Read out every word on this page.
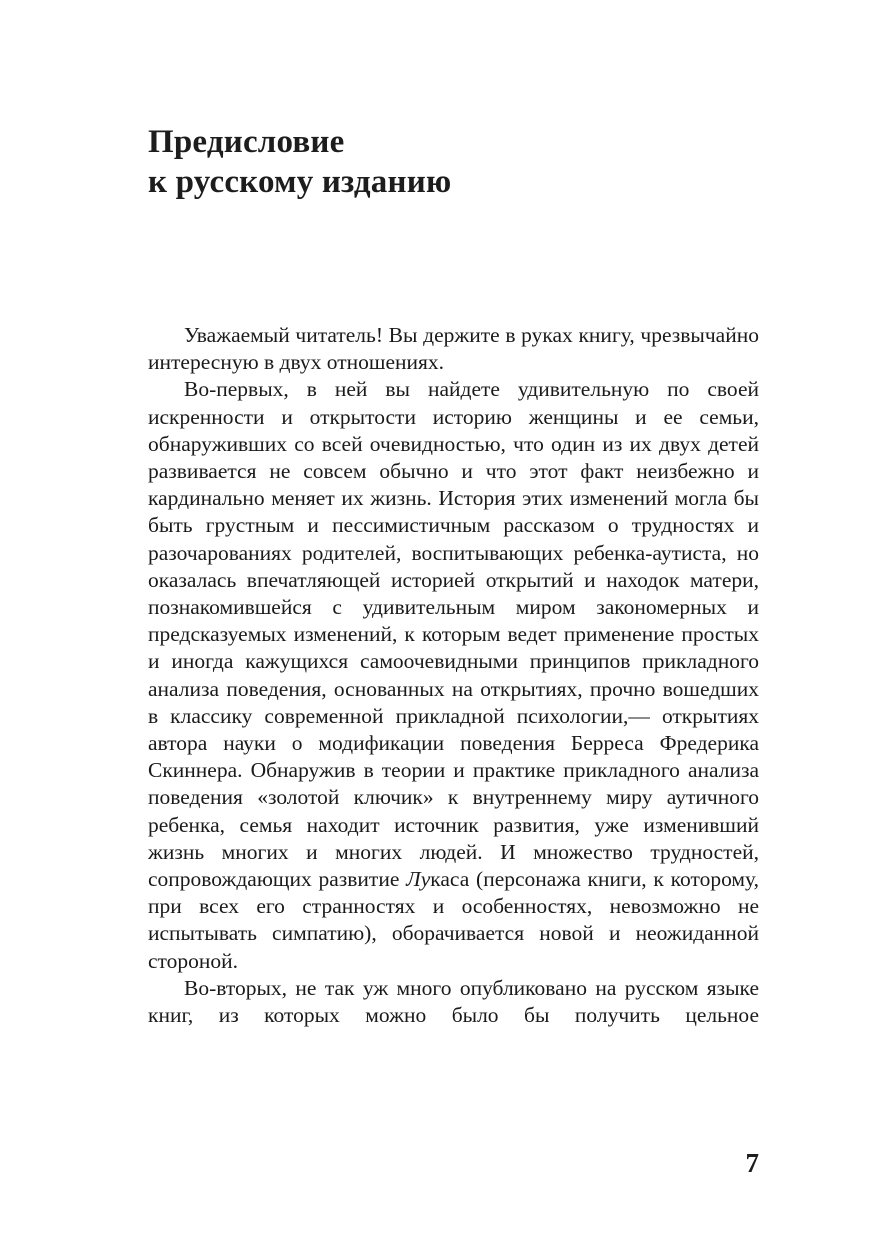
Предисловие
к русскому изданию

Уважаемый читатель! Вы держите в руках книгу, чрезвычайно интересную в двух отношениях.

Во-первых, в ней вы найдете удивительную по своей искренности и открытости историю женщины и ее семьи, обнаруживших со всей очевидностью, что один из их двух детей развивается не совсем обычно и что этот факт неизбежно и кардинально меняет их жизнь. История этих изменений могла бы быть грустным и пессимистичным рассказом о трудностях и разочарованиях родителей, воспитывающих ребенка-аутиста, но оказалась впечатляющей историей открытий и находок матери, познакомившейся с удивительным миром закономерных и предсказуемых изменений, к которым ведет применение простых и иногда кажущихся самоочевидными принципов прикладного анализа поведения, основанных на открытиях, прочно вошедших в классику современной прикладной психологии,— открытиях автора науки о модификации поведения Берреса Фредерика Скиннера. Обнаружив в теории и практике прикладного анализа поведения «золотой ключик» к внутреннему миру аутичного ребенка, семья находит источник развития, уже изменивший жизнь многих и многих людей. И множество трудностей, сопровождающих развитие Лукаса (персонажа книги, к которому, при всех его странностях и особенностях, невозможно не испытывать симпатию), оборачивается новой и неожиданной стороной.

Во-вторых, не так уж много опубликовано на русском языке книг, из которых можно было бы получить цельное

7
